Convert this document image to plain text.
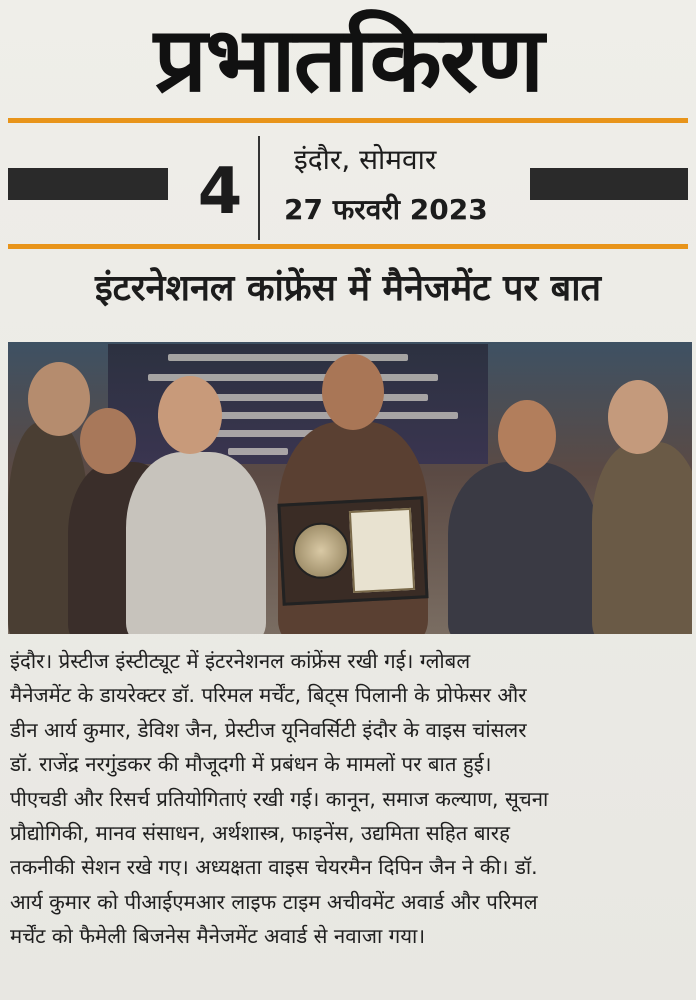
प्रभातकिरण
4 इंदौर, सोमवार
27 फरवरी 2023
इंटरनेशनल कांफ्रेंस में मैनेजमेंट पर बात
इंदौर। प्रेस्टीज इंस्टीट्यूट में इंटरनेशनल कांफ्रेंस रखी गई। ग्लोबल
मैनेजमेंट के डायरेक्टर डॉ. परिमल मर्चेंट, बिट्स पिलानी के प्रोफेसर और
डीन आर्य कुमार, डेविश जैन, प्रेस्टीज यूनिवर्सिटी इंदौर के वाइस चांसलर
डॉ. राजेंद्र नरगुंडकर की मौजूदगी में प्रबंधन के मामलों पर बात हुई।
पीएचडी और रिसर्च प्रतियोगिताएं रखी गई। कानून, समाज कल्याण, सूचना
प्रौद्योगिकी, मानव संसाधन, अर्थशास्त्र, फाइनेंस, उद्यमिता सहित बारह
तकनीकी सेशन रखे गए। अध्यक्षता वाइस चेयरमैन दिपिन जैन ने की। डॉ.
आर्य कुमार को पीआईएमआर लाइफ टाइम अचीवमेंट अवार्ड और परिमल
मर्चेंट को फैमेली बिजनेस मैनेजमेंट अवार्ड से नवाजा गया।
